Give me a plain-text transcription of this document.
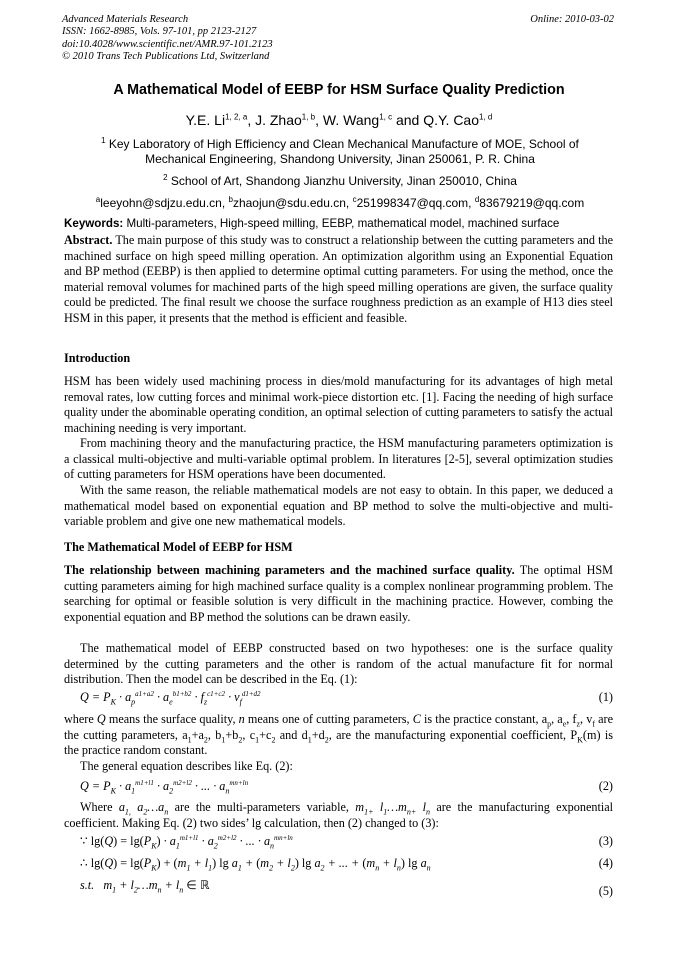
Advanced Materials Research
ISSN: 1662-8985, Vols. 97-101, pp 2123-2127
doi:10.4028/www.scientific.net/AMR.97-101.2123
© 2010 Trans Tech Publications Ltd, Switzerland
Online: 2010-03-02
A Mathematical Model of EEBP for HSM Surface Quality Prediction
Y.E. Li$^{1, 2, a}$, J. Zhao$^{1, b}$, W. Wang$^{1, c}$ and Q.Y. Cao$^{1, d}$
$^1$ Key Laboratory of High Efficiency and Clean Mechanical Manufacture of MOE, School of Mechanical Engineering, Shandong University, Jinan 250061, P. R. China
$^2$ School of Art, Shandong Jianzhu University, Jinan 250010, China
$^a$leeyohn@sdjzu.edu.cn, $^b$zhaojun@sdu.edu.cn, $^c$251998347@qq.com, $^d$83679219@qq.com
Keywords: Multi-parameters, High-speed milling, EEBP, mathematical model, machined surface
Abstract. The main purpose of this study was to construct a relationship between the cutting parameters and the machined surface on high speed milling operation. An optimization algorithm using an Exponential Equation and BP method (EEBP) is then applied to determine optimal cutting parameters. For using the method, once the material removal volumes for machined parts of the high speed milling operations are given, the surface quality could be predicted. The final result we choose the surface roughness prediction as an example of H13 dies steel HSM in this paper, it presents that the method is efficient and feasible.
Introduction
HSM has been widely used machining process in dies/mold manufacturing for its advantages of high metal removal rates, low cutting forces and minimal work-piece distortion etc. [1]. Facing the needing of high surface quality under the abominable operating condition, an optimal selection of cutting parameters to satisfy the actual machining needing is very important.
From machining theory and the manufacturing practice, the HSM manufacturing parameters optimization is a classical multi-objective and multi-variable optimal problem. In literatures [2-5], several optimization studies of cutting parameters for HSM operations have been documented.
With the same reason, the reliable mathematical models are not easy to obtain. In this paper, we deduced a mathematical model based on exponential equation and BP method to solve the multi-objective and multi-variable problem and give one new mathematical models.
The Mathematical Model of EEBP for HSM
The relationship between machining parameters and the machined surface quality. The optimal HSM cutting parameters aiming for high machined surface quality is a complex nonlinear programming problem. The searching for optimal or feasible solution is very difficult in the machining practice. However, combing the exponential equation and BP method the solutions can be drawn easily.
The mathematical model of EEBP constructed based on two hypotheses: one is the surface quality determined by the cutting parameters and the other is random of the actual manufacture fit for normal distribution. Then the model can be described in the Eq. (1):
$Q = P_K \cdot a_p^{a1+a2} \cdot a_e^{b1+b2} \cdot f_z^{c1+c2} \cdot v_f^{d1+d2}$	(1)
where Q means the surface quality, n means one of cutting parameters, C is the practice constant, $a_p$, $a_e$, $f_z$, $v_f$ are the cutting parameters, $a_1+a_2$, $b_1+b_2$, $c_1+c_2$ and $d_1+d_2$, are the manufacturing exponential coefficient, $P_K(m)$ is the practice random constant.
The general equation describes like Eq. (2):
$Q = P_K \cdot a_1^{m1+l1} \cdot a_2^{m2+l2}$ · ... · $a_n^{mn+ln}$	(2)
Where $a_{1,}$ $a_2\dots a_n$ are the multi-parameters variable, $m_{1+}$ $l_1\dots m_{n+}$ $l_n$ are the manufacturing exponential coefficient. Making Eq. (2) two sides’ lg calculation, then (2) changed to (3):
∵ $\lg(Q) = \lg(P_K) \cdot a_1^{m1+l1} \cdot a_2^{m2+l2}$ · ... · $a_n^{mn+ln}$	(3)
∴ $\lg(Q) = \lg(P_K) + (m_1 + l_1)$ $\lg a_1 + (m_2 + l_2)$ $\lg a_2$ + ... + $(m_n + l_n)$ $\lg a_n$	(4)
s.t.   $m_1$ + $l_2\dots m_n + l_n$ ∈ ℝ	(5)
